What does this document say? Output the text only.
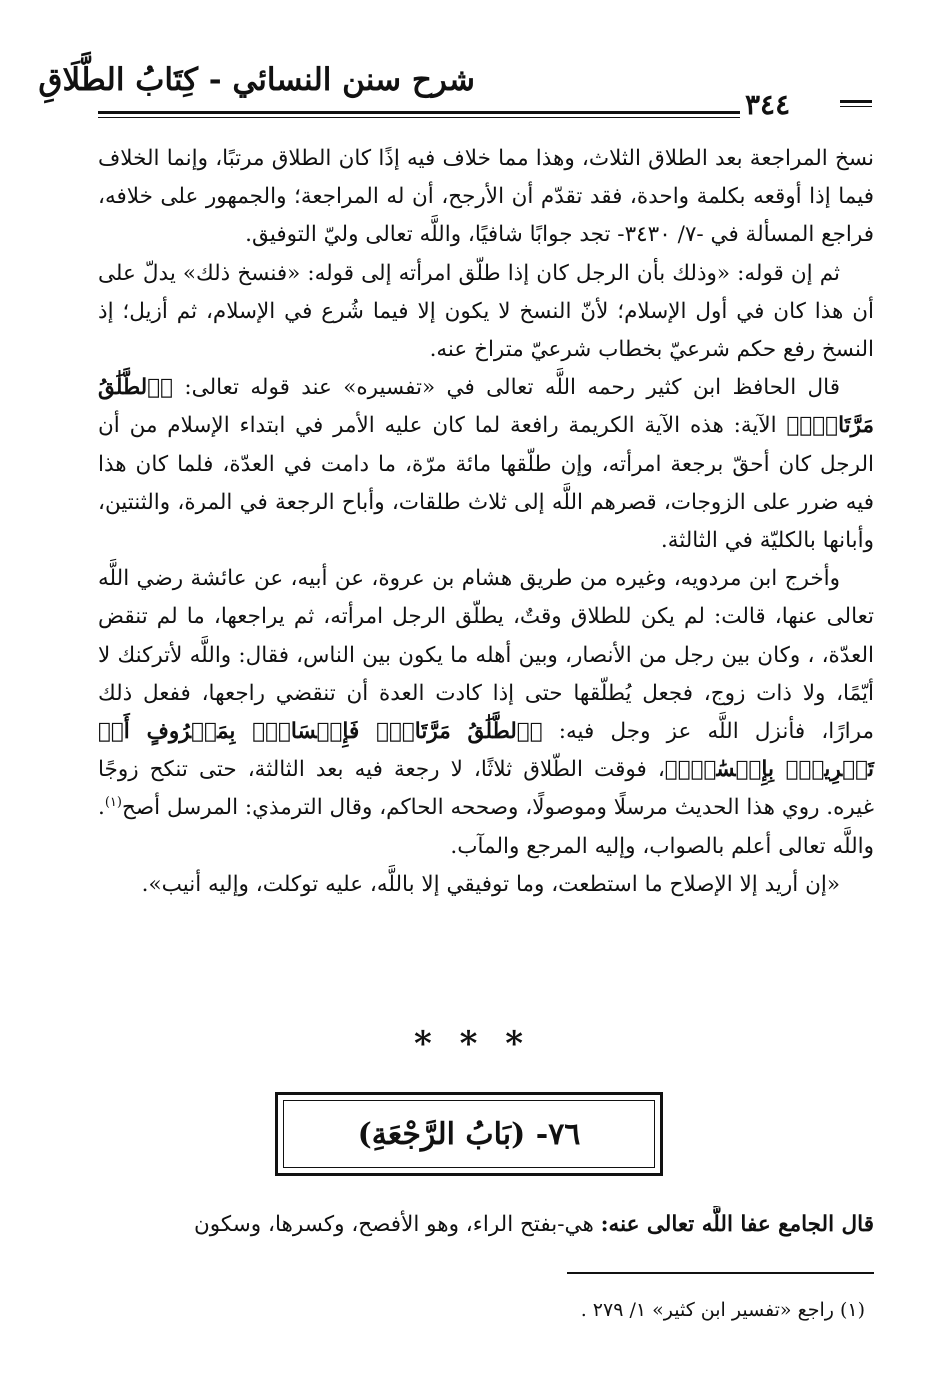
شرح سنن النسائي - كِتَابُ الطَّلَاقِ
٣٤٤

نسخ المراجعة بعد الطلاق الثلاث، وهذا مما خلاف فيه إذًا كان الطلاق مرتبًا، وإنما الخلاف فيما إذا أوقعه بكلمة واحدة، فقد تقدّم أن الأرجح، أن له المراجعة؛ والجمهور على خلافه، فراجع المسألة في -٧/ ٣٤٣٠- تجد جوابًا شافيًا، واللَّه تعالى وليّ التوفيق.

ثم إن قوله: «وذلك بأن الرجل كان إذا طلّق امرأته إلى قوله: «فنسخ ذلك» يدلّ على أن هذا كان في أول الإسلام؛ لأنّ النسخ لا يكون إلا فيما شُرع في الإسلام، ثم أزيل؛ إذ النسخ رفع حكم شرعيّ بخطاب شرعيّ متراخ عنه.

قال الحافظ ابن كثير رحمه اللَّه تعالى في «تفسيره» عند قوله تعالى: ﴿ٱلطَّلَٰقُ مَرَّتَانِۖ﴾ الآية: هذه الآية الكريمة رافعة لما كان عليه الأمر في ابتداء الإسلام من أن الرجل كان أحقّ برجعة امرأته، وإن طلّقها مائة مرّة، ما دامت في العدّة، فلما كان هذا فيه ضرر على الزوجات، قصرهم اللَّه إلى ثلاث طلقات، وأباح الرجعة في المرة، والثنتين، وأبانها بالكليّة في الثالثة.

وأخرج ابن مردويه، وغيره من طريق هشام بن عروة، عن أبيه، عن عائشة رضي اللَّه تعالى عنها، قالت: لم يكن للطلاق وقتٌ، يطلّق الرجل امرأته، ثم يراجعها، ما لم تنقض العدّة، ، وكان بين رجل من الأنصار، وبين أهله ما يكون بين الناس، فقال: واللَّه لأتركنك لا أيّمًا، ولا ذات زوج، فجعل يُطلّقها حتى إذا كادت العدة أن تنقضي راجعها، ففعل ذلك مرارًا، فأنزل اللَّه عز وجل فيه: ﴿ٱلطَّلَٰقُ مَرَّتَانِۖ فَإِمۡسَاكُۢ بِمَعۡرُوفٍ أَوۡ تَسۡرِيحُۢ بِإِحۡسَٰنٖۗ﴾، فوقت الطّلاق ثلاثًا، لا رجعة فيه بعد الثالثة، حتى تنكح زوجًا غيره. روي هذا الحديث مرسلًا وموصولًا، وصححه الحاكم، وقال الترمذي: المرسل أصح$^{(١)}$. واللَّه تعالى أعلم بالصواب، وإليه المرجع والمآب.

«إن أريد إلا الإصلاح ما استطعت، وما توفيقي إلا باللَّه، عليه توكلت، وإليه أنيب».

* * *
٧٦- (بَابُ الرَّجْعَةِ)
قال الجامع عفا اللَّه تعالى عنه: هي-بفتح الراء، وهو الأفصح، وكسرها، وسكون
(١) راجع «تفسير ابن كثير» ١/ ٢٧٩ .
